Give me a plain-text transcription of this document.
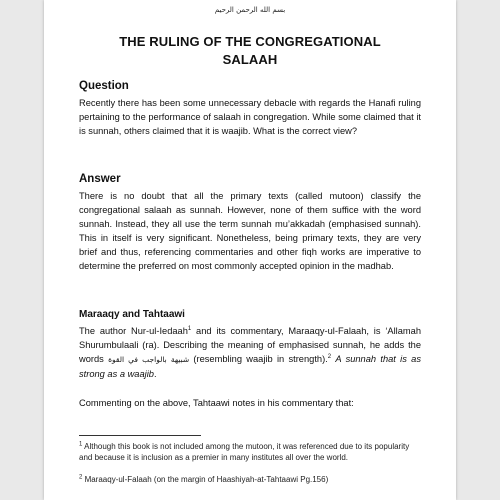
بسم الله الرحمن الرحيم
THE RULING OF THE CONGREGATIONAL
SALAAH
Question

Recently there has been some unnecessary debacle with regards the Hanafi ruling pertaining to the performance of salaah in congregation. While some claimed that it is sunnah, others claimed that it is waajib. What is the correct view?

Answer

There is no doubt that all the primary texts (called mutoon) classify the congregational salaah as sunnah. However, none of them suffice with the word sunnah. Instead, they all use the term sunnah mu’akkadah (emphasised sunnah). This in itself is very significant. Nonetheless, being primary texts, they are very brief and thus, referencing commentaries and other fiqh works are imperative to determine the preferred on most commonly accepted opinion in the madhab.

Maraaqy and Tahtaawi

The author Nur-ul-Iedaah$^1$ and its commentary, Maraaqy-ul-Falaah, is ‘Allamah Shurumbulaali (ra). Describing the meaning of emphasised sunnah, he adds the words شبيهة بالواجب في القوة (resembling waajib in strength).$^2$ A sunnah that is as strong as a waajib.

Commenting on the above, Tahtaawi notes in his commentary that:

$^1$ Although this book is not included among the mutoon, it was referenced due to its popularity and because it is inclusion as a premier in many institutes all over the world.

$^2$ Maraaqy-ul-Falaah (on the margin of Haashiyah-at-Tahtaawi Pg.156)
